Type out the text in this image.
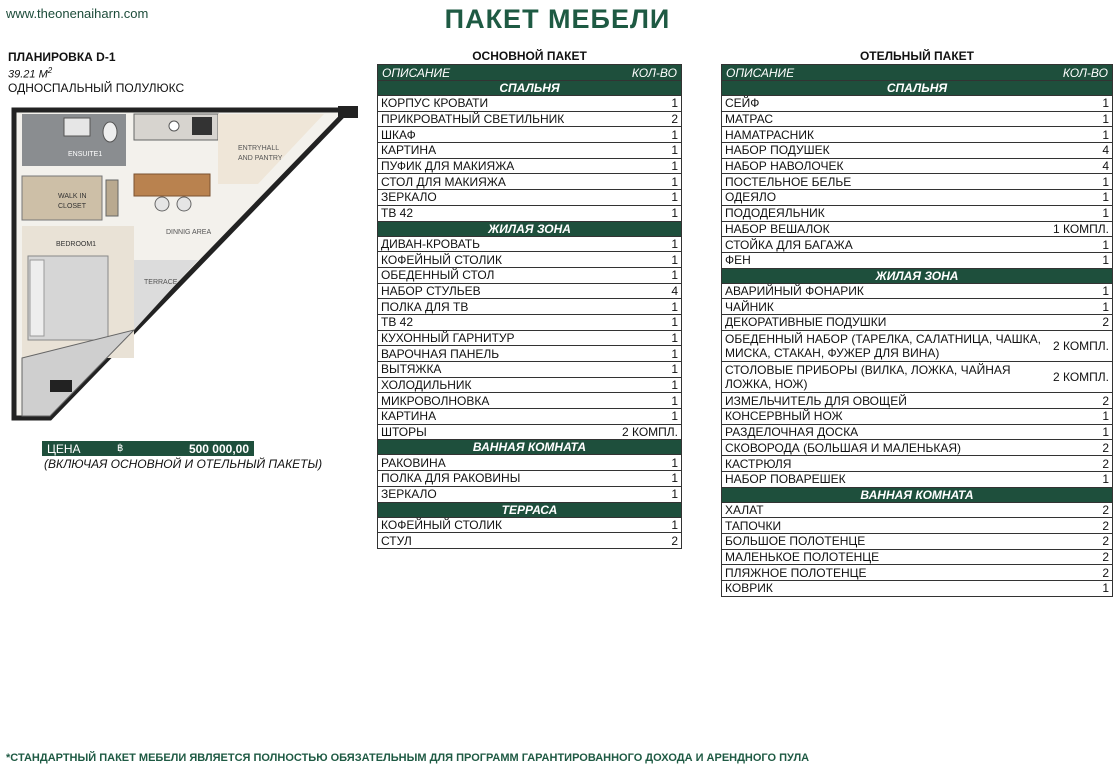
www.theonenaiharn.com	ПАКЕТ МЕБЕЛИ
ПЛАНИРОВКА D-1
39.21 $М^2$
ОДНОСПАЛЬНЫЙ ПОЛУЛЮКС
ENSUITE1
ENTRYHALL
AND PANTRY
WALK IN
CLOSET
DINNIG AREA
BEDROOM1
TERRACE
ЦЕНА	฿	500 000,00
(ВКЛЮЧАЯ ОСНОВНОЙ И ОТЕЛЬНЫЙ ПАКЕТЫ)
ОСНОВНОЙ ПАКЕТ
ОПИСАНИЕ	КОЛ-ВО
СПАЛЬНЯ
КОРПУС КРОВАТИ	1
ПРИКРОВАТНЫЙ СВЕТИЛЬНИК	2
ШКАФ	1
КАРТИНА	1
ПУФИК ДЛЯ МАКИЯЖА	1
СТОЛ ДЛЯ МАКИЯЖА	1
ЗЕРКАЛО	1
ТВ 42	1
ЖИЛАЯ ЗОНА
ДИВАН-КРОВАТЬ	1
КОФЕЙНЫЙ СТОЛИК	1
ОБЕДЕННЫЙ СТОЛ	1
НАБОР СТУЛЬЕВ	4
ПОЛКА ДЛЯ ТВ	1
ТВ 42	1
КУХОННЫЙ ГАРНИТУР	1
ВАРОЧНАЯ ПАНЕЛЬ	1
ВЫТЯЖКА	1
ХОЛОДИЛЬНИК	1
МИКРОВОЛНОВКА	1
КАРТИНА	1
ШТОРЫ	2 КОМПЛ.
ВАННАЯ КОМНАТА
РАКОВИНА	1
ПОЛКА ДЛЯ РАКОВИНЫ	1
ЗЕРКАЛО	1
ТЕРРАСА
КОФЕЙНЫЙ СТОЛИК	1
СТУЛ	2
ОТЕЛЬНЫЙ ПАКЕТ
ОПИСАНИЕ	КОЛ-ВО
СПАЛЬНЯ
СЕЙФ	1
МАТРАС	1
НАМАТРАСНИК	1
НАБОР ПОДУШЕК	4
НАБОР НАВОЛОЧЕК	4
ПОСТЕЛЬНОЕ БЕЛЬЕ	1
ОДЕЯЛО	1
ПОДОДЕЯЛЬНИК	1
НАБОР ВЕШАЛОК	1 КОМПЛ.
СТОЙКА ДЛЯ БАГАЖА	1
ФЕН	1
ЖИЛАЯ ЗОНА
АВАРИЙНЫЙ ФОНАРИК	1
ЧАЙНИК	1
ДЕКОРАТИВНЫЕ ПОДУШКИ	2
ОБЕДЕННЫЙ НАБОР (ТАРЕЛКА, САЛАТНИЦА, ЧАШКА, МИСКА, СТАКАН, ФУЖЕР ДЛЯ ВИНА)	2 КОМПЛ.
СТОЛОВЫЕ ПРИБОРЫ (ВИЛКА, ЛОЖКА, ЧАЙНАЯ ЛОЖКА, НОЖ)	2 КОМПЛ.
ИЗМЕЛЬЧИТЕЛЬ ДЛЯ ОВОЩЕЙ	2
КОНСЕРВНЫЙ НОЖ	1
РАЗДЕЛОЧНАЯ ДОСКА	1
СКОВОРОДА (БОЛЬШАЯ И МАЛЕНЬКАЯ)	2
КАСТРЮЛЯ	2
НАБОР ПОВАРЕШЕК	1
ВАННАЯ КОМНАТА
ХАЛАТ	2
ТАПОЧКИ	2
БОЛЬШОЕ ПОЛОТЕНЦЕ	2
МАЛЕНЬКОЕ ПОЛОТЕНЦЕ	2
ПЛЯЖНОЕ ПОЛОТЕНЦЕ	2
КОВРИК	1
*СТАНДАРТНЫЙ ПАКЕТ МЕБЕЛИ ЯВЛЯЕТСЯ ПОЛНОСТЬЮ ОБЯЗАТЕЛЬНЫМ ДЛЯ ПРОГРАММ ГАРАНТИРОВАННОГО ДОХОДА И АРЕНДНОГО ПУЛА
